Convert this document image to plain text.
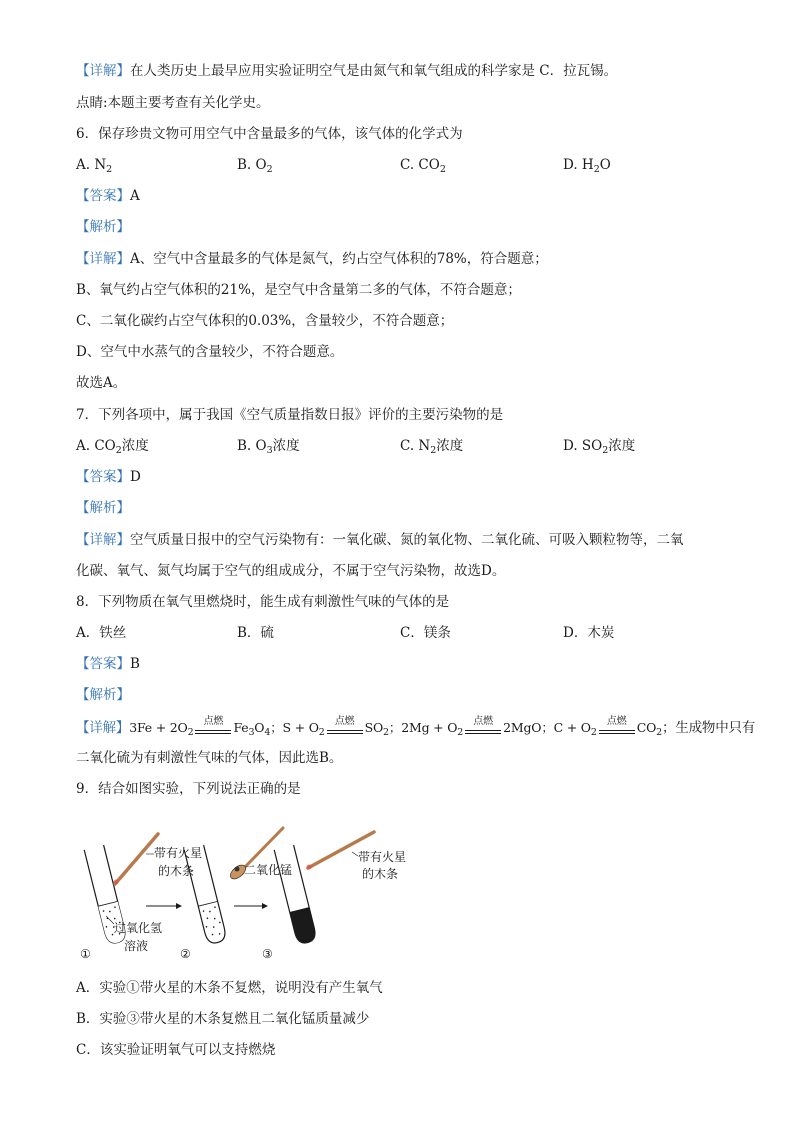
【详解】在人类历史上最早应用实验证明空气是由氮气和氧气组成的科学家是 C．拉瓦锡。
点睛:本题主要考查有关化学史。
6．保存珍贵文物可用空气中含量最多的气体，该气体的化学式为
A. $N_2$	B. $O_2$	C. $CO_2$	D. $H_2O$
【答案】A
【解析】
【详解】A、空气中含量最多的气体是氮气，约占空气体积的78%，符合题意；
B、氧气约占空气体积的21%，是空气中含量第二多的气体，不符合题意；
C、二氧化碳约占空气体积的0.03%，含量较少，不符合题意；
D、空气中水蒸气的含量较少，不符合题意。
故选A。
7．下列各项中，属于我国《空气质量指数日报》评价的主要污染物的是
A. $CO_2$浓度	B. $O_3$浓度	C. $N_2$浓度	D. $SO_2$浓度
【答案】D
【解析】
【详解】空气质量日报中的空气污染物有：一氧化碳、氮的氧化物、二氧化硫、可吸入颗粒物等，二氧
化碳、氧气、氮气均属于空气的组成成分，不属于空气污染物，故选D。
8．下列物质在氧气里燃烧时，能生成有刺激性气味的气体的是
A．铁丝	B．硫	C．镁条	D．木炭
【答案】B
【解析】
【详解】$3Fe + 2O_2$
点燃 $Fe_3O_4$；$S + O_2$
点燃 $SO_2$；$2Mg + O_2$
点燃 2MgO；$C + O_2$
点燃 $CO_2$；生成物中只有
二氧化硫为有刺激性气味的气体，因此选B。
9．结合如图实验，下列说法正确的是
带有火星
的木条
过氧化氢
溶液
①
二氧化锰
②
带有火星
的木条
③
A．实验①带火星的木条不复燃，说明没有产生氧气
B．实验③带火星的木条复燃且二氧化锰质量减少
C．该实验证明氧气可以支持燃烧
